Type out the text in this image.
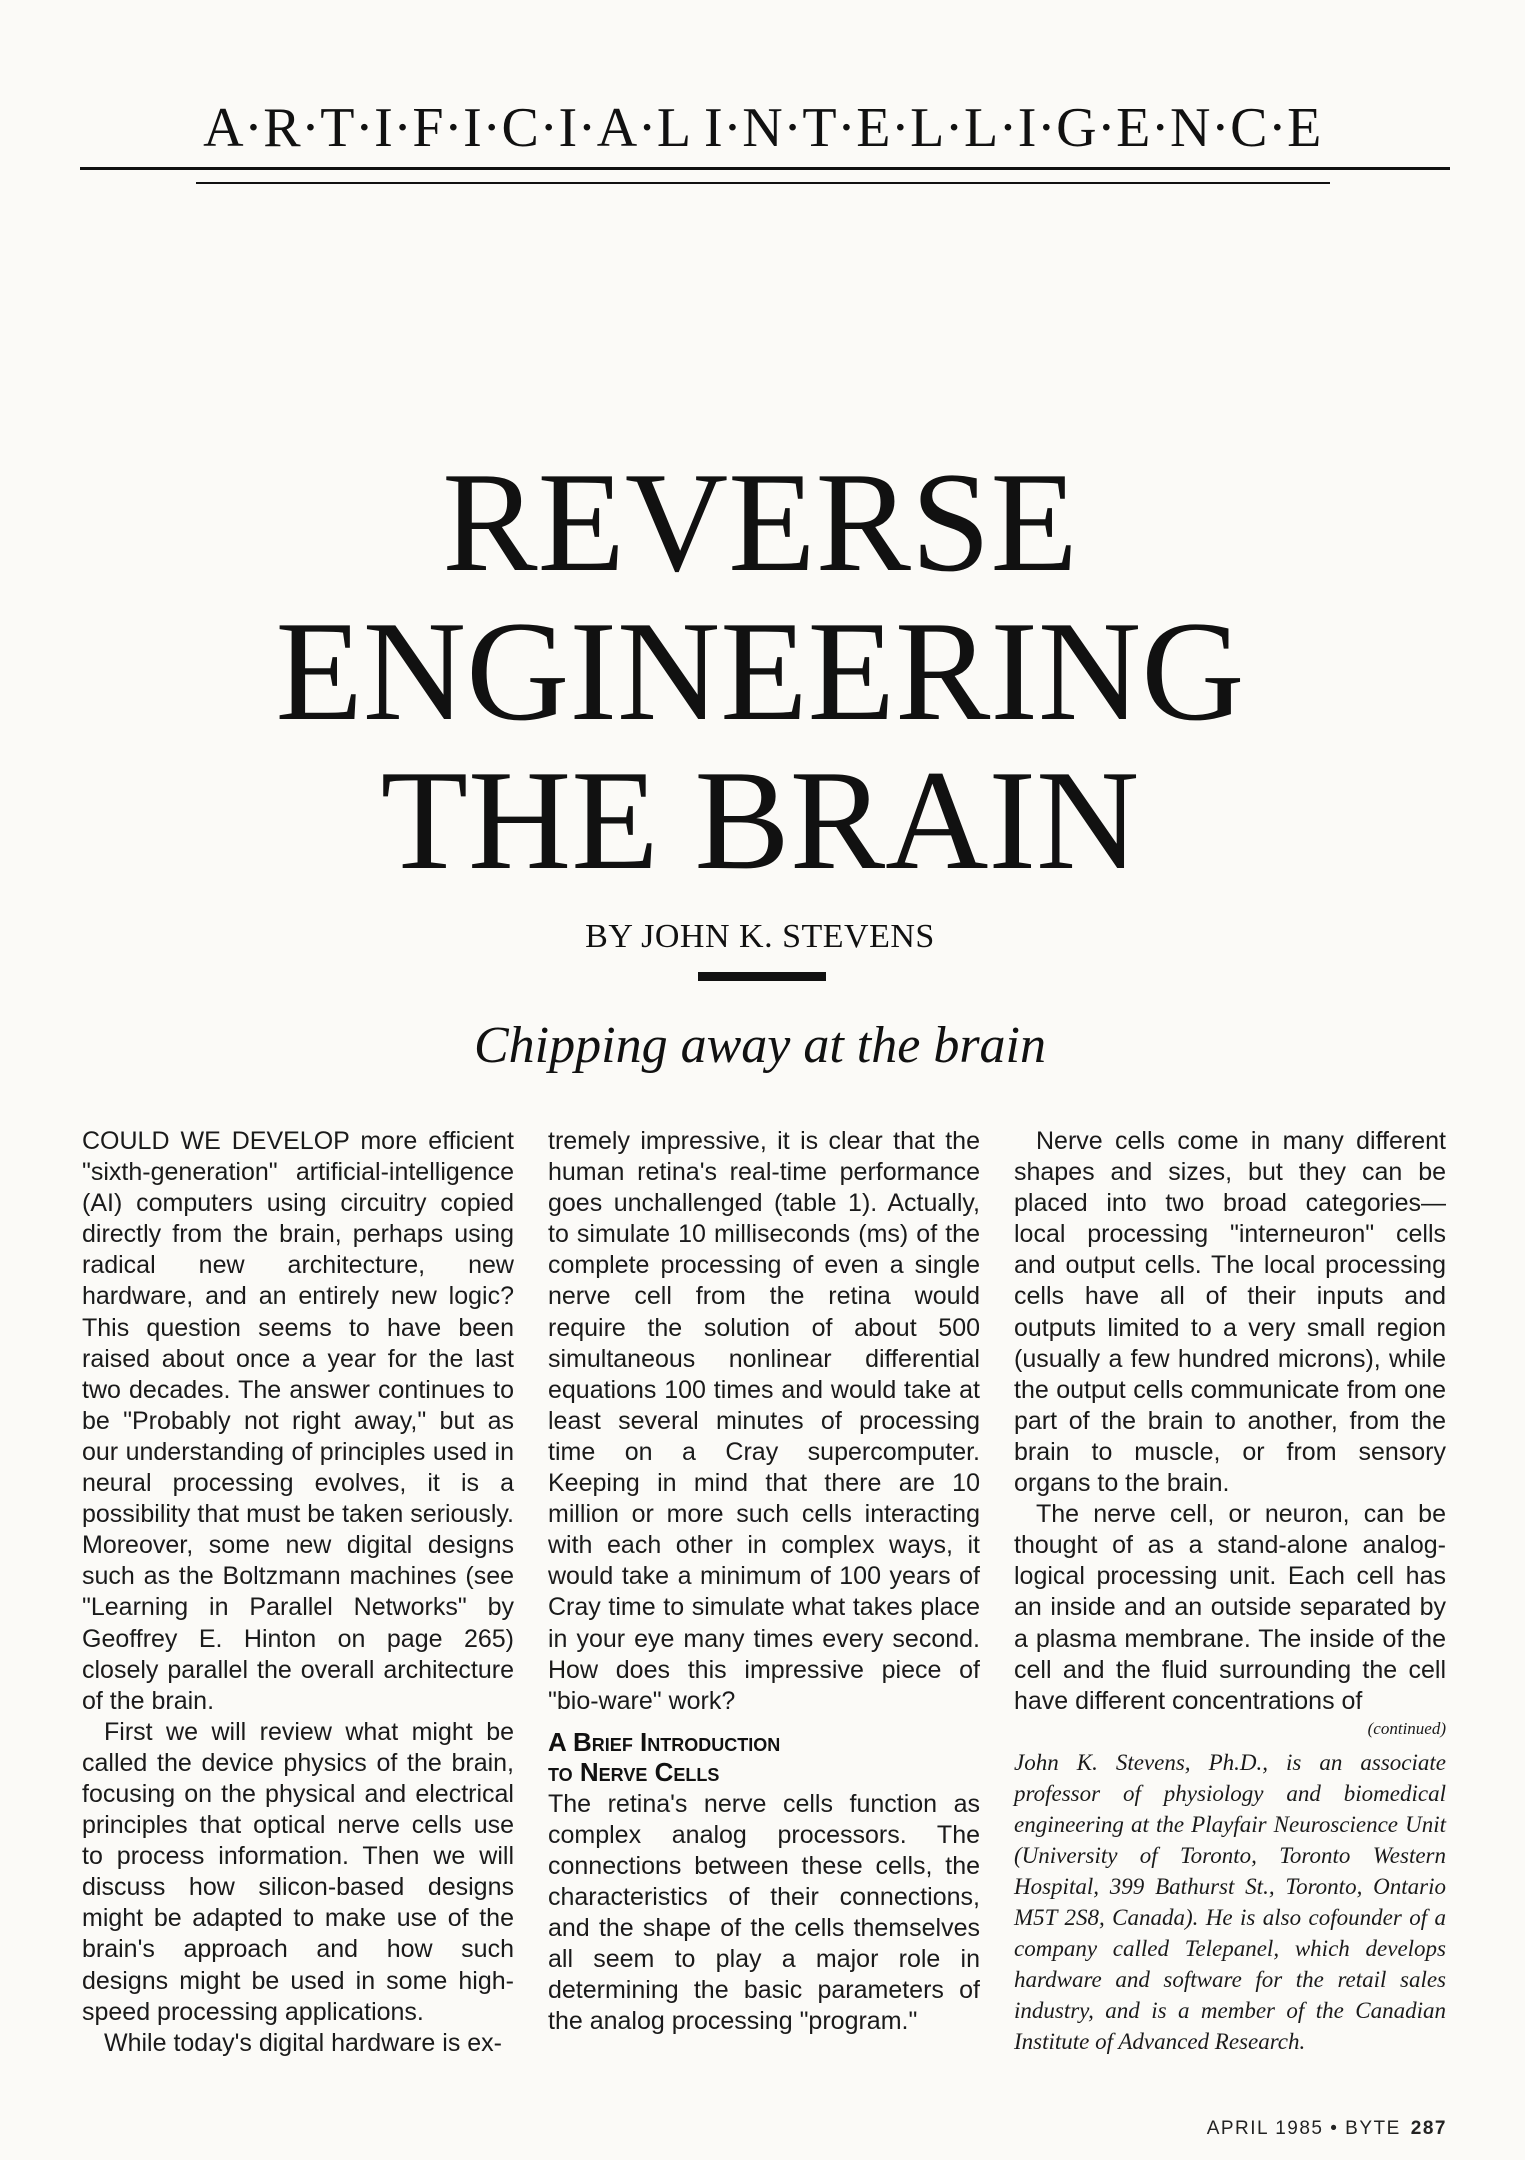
A·R·T·I·F·I·C·I·A·L I·N·T·E·L·L·I·G·E·N·C·E
REVERSE
ENGINEERING
THE BRAIN
BY JOHN K. STEVENS
Chipping away at the brain

COULD WE DEVELOP more efficient "sixth-generation" artificial-intelligence (AI) computers using circuitry copied directly from the brain, perhaps using radical new architecture, new hardware, and an entirely new logic? This question seems to have been raised about once a year for the last two decades. The answer continues to be "Probably not right away," but as our understanding of principles used in neural processing evolves, it is a possibility that must be taken seriously. Moreover, some new digital designs such as the Boltzmann machines (see "Learning in Parallel Networks" by Geoffrey E. Hinton on page 265) closely parallel the overall architecture of the brain.

First we will review what might be called the device physics of the brain, focusing on the physical and electrical principles that optical nerve cells use to process information. Then we will discuss how silicon-based designs might be adapted to make use of the brain's approach and how such designs might be used in some high-speed processing applications.

While today's digital hardware is ex-

tremely impressive, it is clear that the human retina's real-time performance goes unchallenged (table 1). Actually, to simulate 10 milliseconds (ms) of the complete processing of even a single nerve cell from the retina would require the solution of about 500 simultaneous nonlinear differential equations 100 times and would take at least several minutes of processing time on a Cray supercomputer. Keeping in mind that there are 10 million or more such cells interacting with each other in complex ways, it would take a minimum of 100 years of Cray time to simulate what takes place in your eye many times every second. How does this impressive piece of "bio-ware" work?

A Brief Introduction
to Nerve Cells

The retina's nerve cells function as complex analog processors. The connections between these cells, the characteristics of their connections, and the shape of the cells themselves all seem to play a major role in determining the basic parameters of the analog processing "program."

Nerve cells come in many different shapes and sizes, but they can be placed into two broad categories—local processing "interneuron" cells and output cells. The local processing cells have all of their inputs and outputs limited to a very small region (usually a few hundred microns), while the output cells communicate from one part of the brain to another, from the brain to muscle, or from sensory organs to the brain.

The nerve cell, or neuron, can be thought of as a stand-alone analog-logical processing unit. Each cell has an inside and an outside separated by a plasma membrane. The inside of the cell and the fluid surrounding the cell have different concentrations of

(continued)
John K. Stevens, Ph.D., is an associate professor of physiology and biomedical engineering at the Playfair Neuroscience Unit (University of Toronto, Toronto Western Hospital, 399 Bathurst St., Toronto, Ontario M5T 2S8, Canada). He is also cofounder of a company called Telepanel, which develops hardware and software for the retail sales industry, and is a member of the Canadian Institute of Advanced Research.
APRIL 1985 • BYTE 287
